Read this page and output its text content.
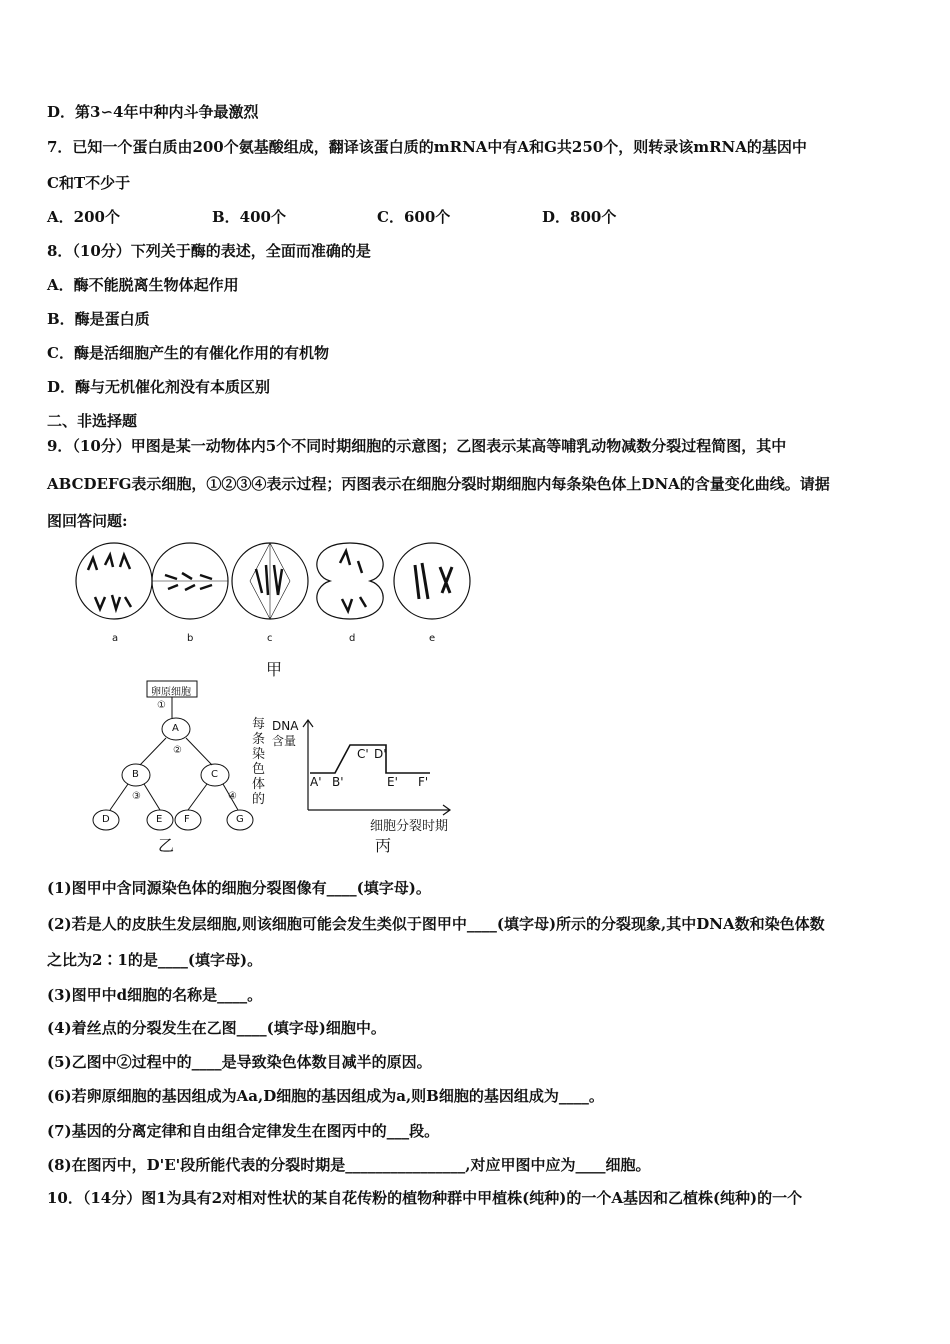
D．第3∽4年中种内斗争最激烈
7．已知一个蛋白质由200个氨基酸组成，翻译该蛋白质的mRNA中有A和G共250个，则转录该mRNA的基因中
C和T不少于
A．200个	B．400个	C．600个	D．800个
8．（10分）下列关于酶的表述，全面而准确的是
A．酶不能脱离生物体起作用
B．酶是蛋白质
C．酶是活细胞产生的有催化作用的有机物
D．酶与无机催化剂没有本质区别
二、非选择题
9．（10分）甲图是某一动物体内5个不同时期细胞的示意图；乙图表示某高等哺乳动物减数分裂过程简图，其中
ABCDEFG表示细胞，①②③④表示过程；丙图表示在细胞分裂时期细胞内每条染色体上DNA的含量变化曲线。请据
图回答问题:
a	b	c	d	e
甲
卵原细胞
①
A
②
B	C
③	④
D	E F	G
乙
每条染色体的
DNA含量
A' B'
C' D'
E' F'
细胞分裂时期
丙
(1)图甲中含同源染色体的细胞分裂图像有____(填字母)。
(2)若是人的皮肤生发层细胞,则该细胞可能会发生类似于图甲中____(填字母)所示的分裂现象,其中DNA数和染色体数
之比为2∶1的是____(填字母)。
(3)图甲中d细胞的名称是____。
(4)着丝点的分裂发生在乙图____(填字母)细胞中。
(5)乙图中②过程中的____是导致染色体数目减半的原因。
(6)若卵原细胞的基因组成为Aa,D细胞的基因组成为a,则B细胞的基因组成为____。
(7)基因的分离定律和自由组合定律发生在图丙中的___段。
(8)在图丙中，D'E'段所能代表的分裂时期是________________,对应甲图中应为____细胞。
10．（14分）图1为具有2对相对性状的某自花传粉的植物种群中甲植株(纯种)的一个A基因和乙植株(纯种)的一个
